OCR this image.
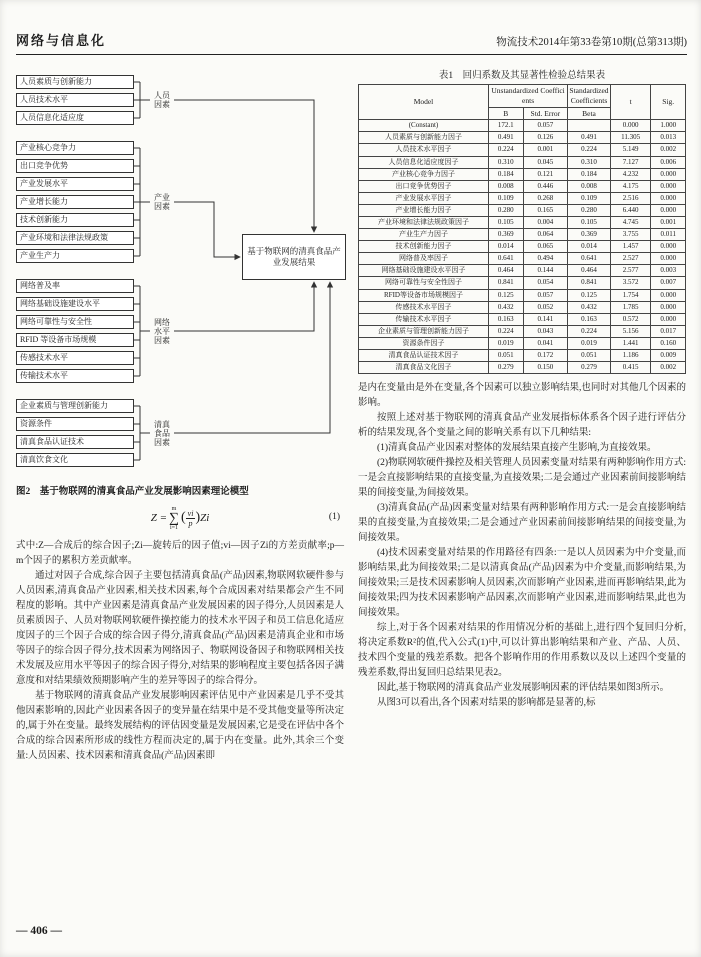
网络与信息化	物流技术2014年第33卷第10期(总第313期)
基于物联网的清真食品产业发展结果
人员素质与创新能力
人员技术水平
人员信息化适应度
人员因素
产业核心竞争力
出口竞争优势
产业发展水平
产业增长能力
技术创新能力
产业环境和法律法规政策
产业生产力
产业因素
网络普及率
网络基础设施建设水平
网络可靠性与安全性
RFID 等设备市场规模
传感技术水平
传输技术水平
网络水平因素
企业素质与管理创新能力
资源条件
清真食品认证技术
清真饮食文化
清真食品因素
图2　基于物联网的清真食品产业发展影响因素理论模型
Z =
m
∑
i=1
( $\frac{vi}{p}$ ) Zi	(1)

式中:Z—合成后的综合因子;Zi—旋转后的因子值;vi—因子Zi的方差贡献率;p—m个因子的累积方差贡献率。

通过对因子合成,综合因子主要包括清真食品(产品)因素,物联网软硬件参与人员因素,清真食品产业因素,相关技术因素,每个合成因素对结果都会产生不同程度的影响。其中产业因素是清真食品产业发展因素的因子得分,人员因素是人员素质因子、人员对物联网软硬件操控能力的技术水平因子和员工信息化适应度因子的三个因子合成的综合因子得分,清真食品(产品)因素是清真企业和市场等因子的综合因子得分,技术因素为网络因子、物联网设备因子和物联网相关技术发展及应用水平等因子的综合因子得分,对结果的影响程度主要包括各因子满意度和对结果绩效预期影响产生的差异等因子的综合得分。

基于物联网的清真食品产业发展影响因素评估见中产业因素是几乎不受其他因素影响的,因此产业因素各因子的变异量在结果中是不受其他变量等所决定的,属于外在变量。最终发展结构的评估因变量是发展因素,它是受在评估中各个合成的综合因素所形成的线性方程而决定的,属于内在变量。此外,其余三个变量:人员因素、技术因素和清真食品(产品)因素即

表1　回归系数及其显著性检验总结果表
Model	Unstandardized Coefficients		Standardized Coefficients	t	Sig.
	B	Std. Error	Beta		
(Constant)	172.1	0.057		0.000	1.000
人员素质与创新能力因子	0.491	0.126	0.491	11.305	0.013
人员技术水平因子	0.224	0.001	0.224	5.149	0.002
人员信息化适应度因子	0.310	0.045	0.310	7.127	0.006
产业核心竞争力因子	0.184	0.121	0.184	4.232	0.000
出口竞争优势因子	0.008	0.446	0.008	4.175	0.000
产业发展水平因子	0.109	0.268	0.109	2.516	0.000
产业增长能力因子	0.280	0.165	0.280	6.440	0.000
产业环境和法律法规政策因子	0.105	0.004	0.105	4.745	0.001
产业生产力因子	0.369	0.064	0.369	3.755	0.011
技术创新能力因子	0.014	0.065	0.014	1.457	0.000
网络普及率因子	0.641	0.494	0.641	2.527	0.000
网络基础设施建设水平因子	0.464	0.144	0.464	2.577	0.003
网络可靠性与安全性因子	0.841	0.054	0.841	3.572	0.007
RFID等设备市场规模因子	0.125	0.057	0.125	1.754	0.000
传感技术水平因子	0.432	0.052	0.432	1.785	0.000
传输技术水平因子	0.163	0.141	0.163	0.572	0.000
企业素质与管理创新能力因子	0.224	0.043	0.224	5.156	0.017
资源条件因子	0.019	0.041	0.019	1.441	0.160
清真食品认证技术因子	0.051	0.172	0.051	1.186	0.009
清真食品文化因子	0.279	0.150	0.279	0.415	0.002

是内在变量由是外在变量,各个因素可以独立影响结果,也同时对其他几个因素的影响。

按照上述对基于物联网的清真食品产业发展指标体系各个因子进行评估分析的结果发现,各个变量之间的影响关系有以下几种结果:

(1)清真食品产业因素对整体的发展结果直接产生影响,为直接效果。

(2)物联网软硬件操控及相关管理人员因素变量对结果有两种影响作用方式:一是会直接影响结果的直接变量,为直接效果;二是会通过产业因素前间接影响结果的间接变量,为间接效果。

(3)清真食品(产品)因素变量对结果有两种影响作用方式:一是会直接影响结果的直接变量,为直接效果;二是会通过产业因素前间接影响结果的间接变量,为间接效果。

(4)技术因素变量对结果的作用路径有四条:一是以人员因素为中介变量,而影响结果,此为间接效果;二是以清真食品(产品)因素为中介变量,而影响结果,为间接效果;三是技术因素影响人员因素,次而影响产业因素,进而再影响结果,此为间接效果;四为技术因素影响产品因素,次而影响产业因素,进而影响结果,此也为间接效果。

综上,对于各个因素对结果的作用情况分析的基础上,进行四个复回归分析,将决定系数R²的值,代入公式(1)中,可以计算出影响结果和产业、产品、人员、技术四个变量的残差系数。把各个影响作用的作用系数以及以上述四个变量的残差系数,得出复回归总结果见表2。

因此,基于物联网的清真食品产业发展影响因素的评估结果如图3所示。

从图3可以看出,各个因素对结果的影响都是显著的,标

— 406 —
